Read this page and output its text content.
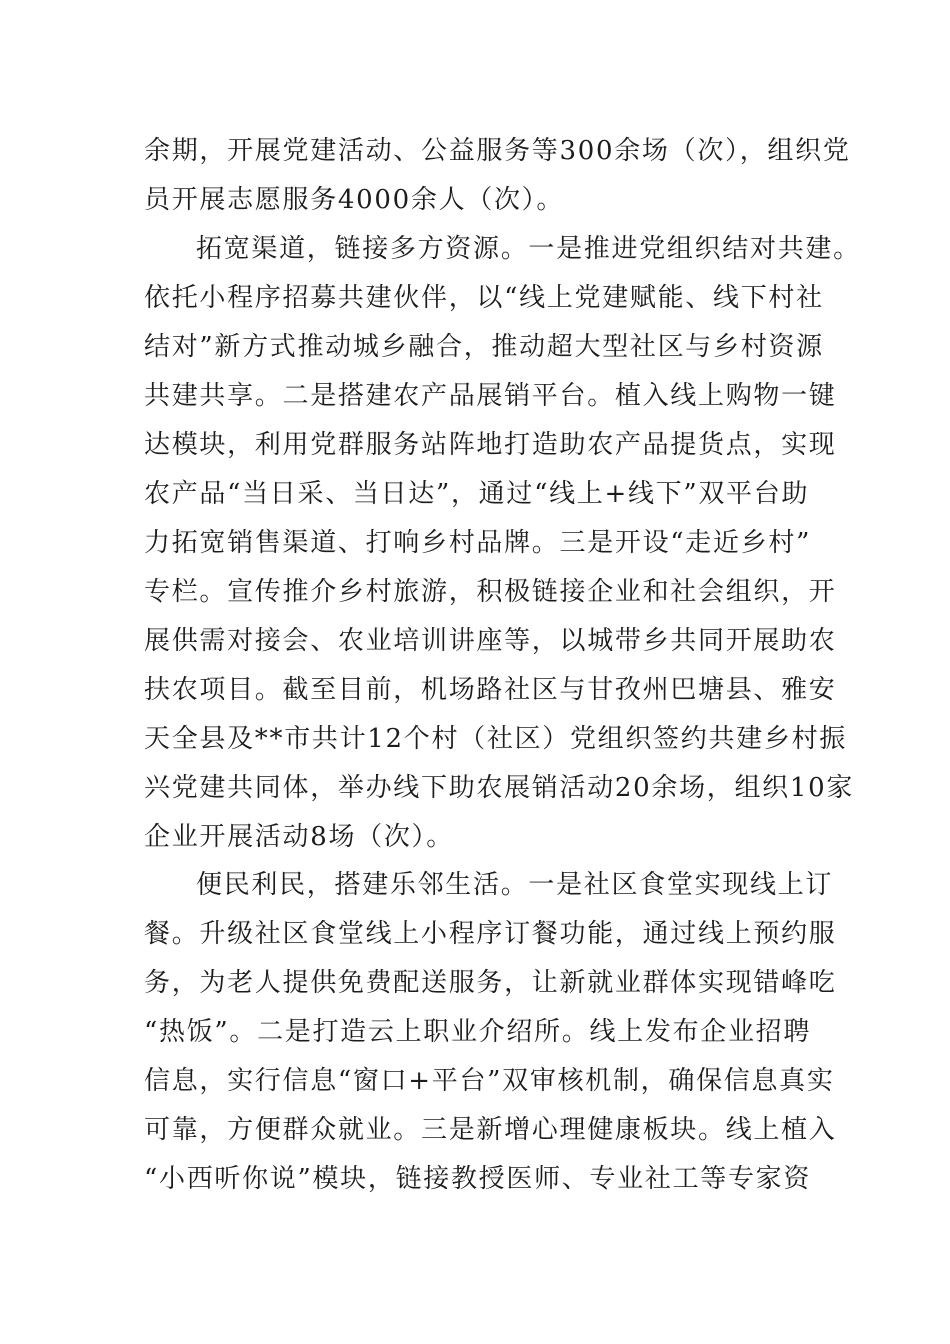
余期，开展党建活动、公益服务等300余场（次），组织党
员开展志愿服务4000余人（次）。
拓宽渠道，链接多方资源。一是推进党组织结对共建。
依托小程序招募共建伙伴，以“线上党建赋能、线下村社
结对”新方式推动城乡融合，推动超大型社区与乡村资源
共建共享。二是搭建农产品展销平台。植入线上购物一键
达模块，利用党群服务站阵地打造助农产品提货点，实现
农产品“当日采、当日达”，通过“线上+线下”双平台助
力拓宽销售渠道、打响乡村品牌。三是开设“走近乡村”
专栏。宣传推介乡村旅游，积极链接企业和社会组织，开
展供需对接会、农业培训讲座等，以城带乡共同开展助农
扶农项目。截至目前，机场路社区与甘孜州巴塘县、雅安
天全县及**市共计12个村（社区）党组织签约共建乡村振
兴党建共同体，举办线下助农展销活动20余场，组织10家
企业开展活动8场（次）。
便民利民，搭建乐邻生活。一是社区食堂实现线上订
餐。升级社区食堂线上小程序订餐功能，通过线上预约服
务，为老人提供免费配送服务，让新就业群体实现错峰吃
“热饭”。二是打造云上职业介绍所。线上发布企业招聘
信息，实行信息“窗口+平台”双审核机制，确保信息真实
可靠，方便群众就业。三是新增心理健康板块。线上植入
“小西听你说”模块，链接教授医师、专业社工等专家资
